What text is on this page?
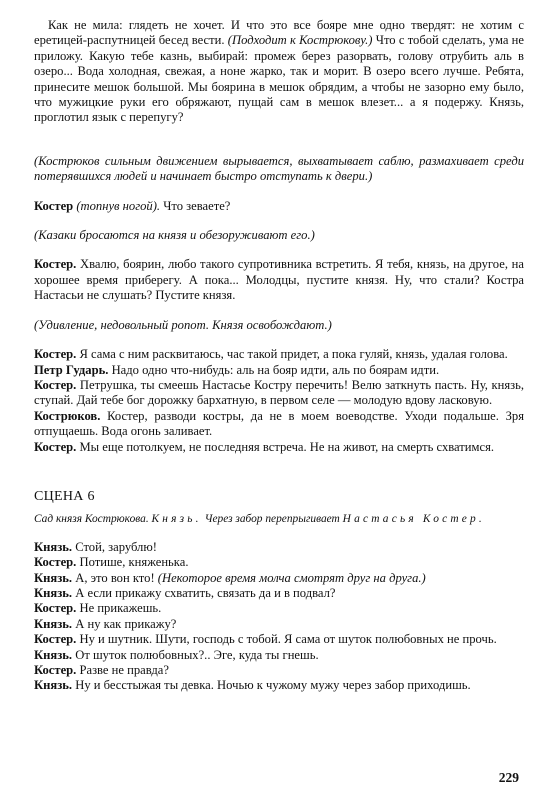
Как не мила: глядеть не хочет. И что это все бояре мне одно твердят: не хотим с еретицей-распутницей бесед вести. (Подходит к Кострюкову.) Что с тобой сделать, ума не приложу. Какую тебе казнь, выбирай: промеж берез разорвать, голову отрубить аль в озеро... Вода холодная, свежая, а ноне жарко, так и морит. В озеро всего лучше. Ребята, принесите мешок большой. Мы боярина в мешок обрядим, а чтобы не зазорно ему было, что мужицкие руки его обряжают, пущай сам в мешок влезет... а я подержу. Князь, проглотил язык с перепугу?

(Кострюков сильным движением вырывается, выхватывает саблю, размахивает среди потерявшихся людей и начинает быстро отступать к двери.)

Костер (топнув ногой). Что зеваете?

(Казаки бросаются на князя и обезоруживают его.)

Костер. Хвалю, боярин, любо такого супротивника встретить. Я тебя, князь, на другое, на хорошее время приберегу. А пока... Молодцы, пустите князя. Ну, что стали? Костра Настасьи не слушать? Пустите князя.

(Удивление, недовольный ропот. Князя освобождают.)

Костер. Я сама с ним расквитаюсь, час такой придет, а пока гуляй, князь, удалая голова.

Петр Гударь. Надо одно что-нибудь: аль на бояр идти, аль по боярам идти.

Костер. Петрушка, ты смеешь Настасье Костру перечить! Велю заткнуть пасть. Ну, князь, ступай. Дай тебе бог дорожку бархатную, в первом селе — молодую вдову ласковую.

Кострюков. Костер, разводи костры, да не в моем воеводстве. Уходи подальше. Зря отпущаешь. Вода огонь заливает.

Костер. Мы еще потолкуем, не последняя встреча. Не на живот, на смерть схватимся.

СЦЕНА 6

Сад князя Кострюкова. Князь. Через забор перепрыгивает Настасья Костер.

Князь. Стой, зарублю!

Костер. Потише, княженька.

Князь. А, это вон кто! (Некоторое время молча смотрят друг на друга.)

Князь. А если прикажу схватить, связать да и в подвал?

Костер. Не прикажешь.

Князь. А ну как прикажу?

Костер. Ну и шутник. Шути, господь с тобой. Я сама от шуток полюбовных не прочь.

Князь. От шуток полюбовных?.. Эге, куда ты гнешь.

Костер. Разве не правда?

Князь. Ну и бесстыжая ты девка. Ночью к чужому мужу через забор приходишь.

229
